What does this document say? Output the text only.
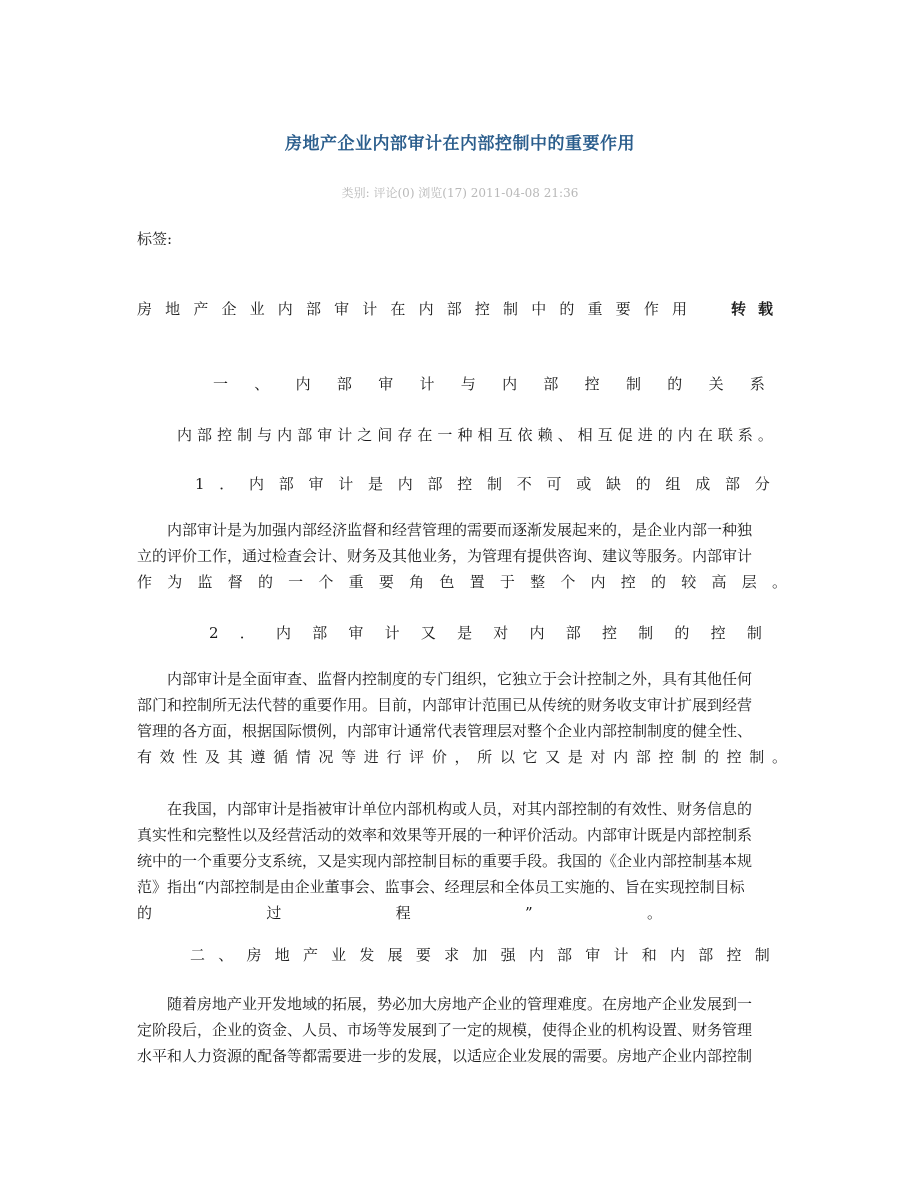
房地产企业内部审计在内部控制中的重要作用
类别: 评论(0) 浏览(17) 2011-04-08 21:36
标签:
房 地 产 企 业 内 部 审 计 在 内 部 控 制 中 的 重 要 作 用	转载
一 、 内 部 审 计 与 内 部 控 制 的 关 系
内 部 控 制 与 内 部 审 计 之 间 存 在 一 种 相 互 依 赖 、 相 互 促 进 的 内 在 联 系 。
1 ． 内 部 审 计 是 内 部 控 制 不 可 或 缺 的 组 成 部 分
内部审计是为加强内部经济监督和经营管理的需要而逐渐发展起来的，是企业内部一种独
立的评价工作，通过检查会计、财务及其他业务，为管理有提供咨询、建议等服务。内部审计
作为监督的一个重要角色置于整个内控的较高层。
2 ． 内 部 审 计 又 是 对 内 部 控 制 的 控 制
内部审计是全面审查、监督内控制度的专门组织，它独立于会计控制之外，具有其他任何
部门和控制所无法代替的重要作用。目前，内部审计范围已从传统的财务收支审计扩展到经营
管理的各方面，根据国际惯例，内部审计通常代表管理层对整个企业内部控制制度的健全性、
有效性及其遵循情况等进行评价，所以它又是对内部控制的控制。
在我国，内部审计是指被审计单位内部机构或人员，对其内部控制的有效性、财务信息的
真实性和完整性以及经营活动的效率和效果等开展的一种评价活动。内部审计既是内部控制系
统中的一个重要分支系统，又是实现内部控制目标的重要手段。我国的《企业内部控制基本规
范》指出“内部控制是由企业董事会、监事会、经理层和全体员工实施的、旨在实现控制目标
的过程”。
二 、 房 地 产 业 发 展 要 求 加 强 内 部 审 计 和 内 部 控 制
随着房地产业开发地域的拓展，势必加大房地产企业的管理难度。在房地产企业发展到一
定阶段后，企业的资金、人员、市场等发展到了一定的规模，使得企业的机构设置、财务管理
水平和人力资源的配备等都需要进一步的发展，以适应企业发展的需要。房地产企业内部控制
